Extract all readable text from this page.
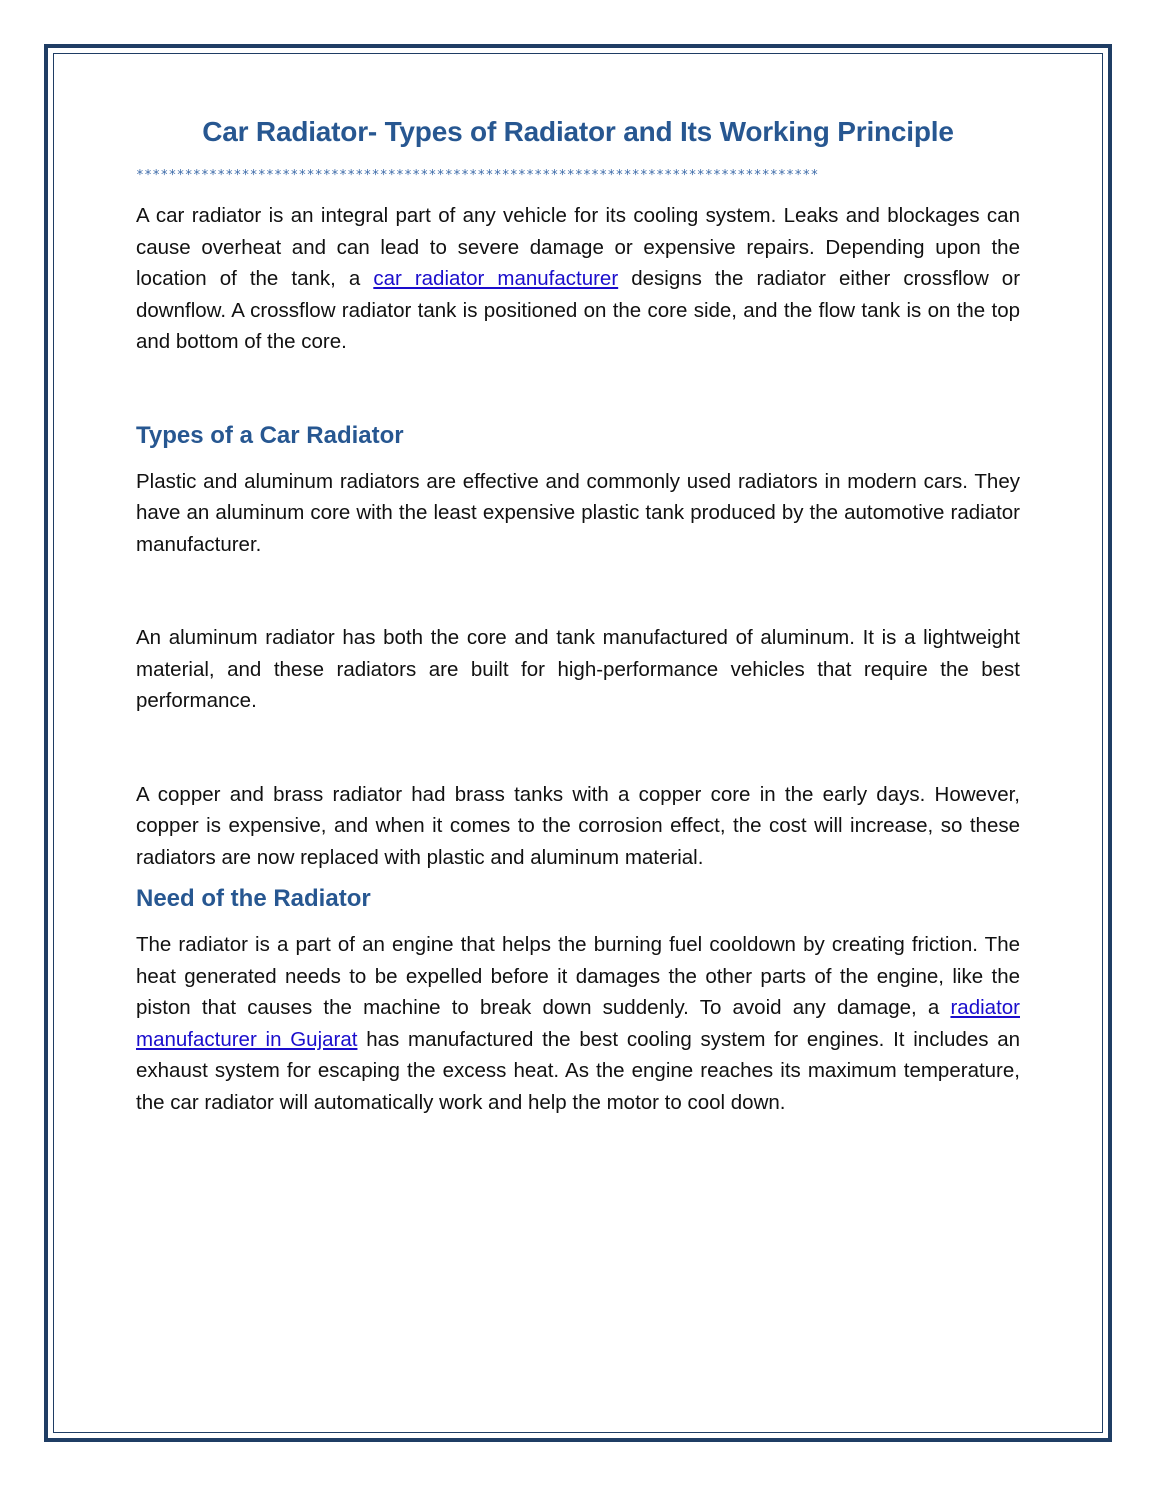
Car Radiator- Types of Radiator and Its Working Principle
************************************************************************************

A car radiator is an integral part of any vehicle for its cooling system. Leaks and blockages can cause overheat and can lead to severe damage or expensive repairs. Depending upon the location of the tank, a car radiator manufacturer designs the radiator either crossflow or downflow. A crossflow radiator tank is positioned on the core side, and the flow tank is on the top and bottom of the core.

Types of a Car Radiator

Plastic and aluminum radiators are effective and commonly used radiators in modern cars. They have an aluminum core with the least expensive plastic tank produced by the automotive radiator manufacturer.

An aluminum radiator has both the core and tank manufactured of aluminum. It is a lightweight material, and these radiators are built for high-performance vehicles that require the best performance.

A copper and brass radiator had brass tanks with a copper core in the early days. However, copper is expensive, and when it comes to the corrosion effect, the cost will increase, so these radiators are now replaced with plastic and aluminum material.

Need of the Radiator

The radiator is a part of an engine that helps the burning fuel cooldown by creating friction. The heat generated needs to be expelled before it damages the other parts of the engine, like the piston that causes the machine to break down suddenly. To avoid any damage, a radiator manufacturer in Gujarat has manufactured the best cooling system for engines. It includes an exhaust system for escaping the excess heat. As the engine reaches its maximum temperature, the car radiator will automatically work and help the motor to cool down.
